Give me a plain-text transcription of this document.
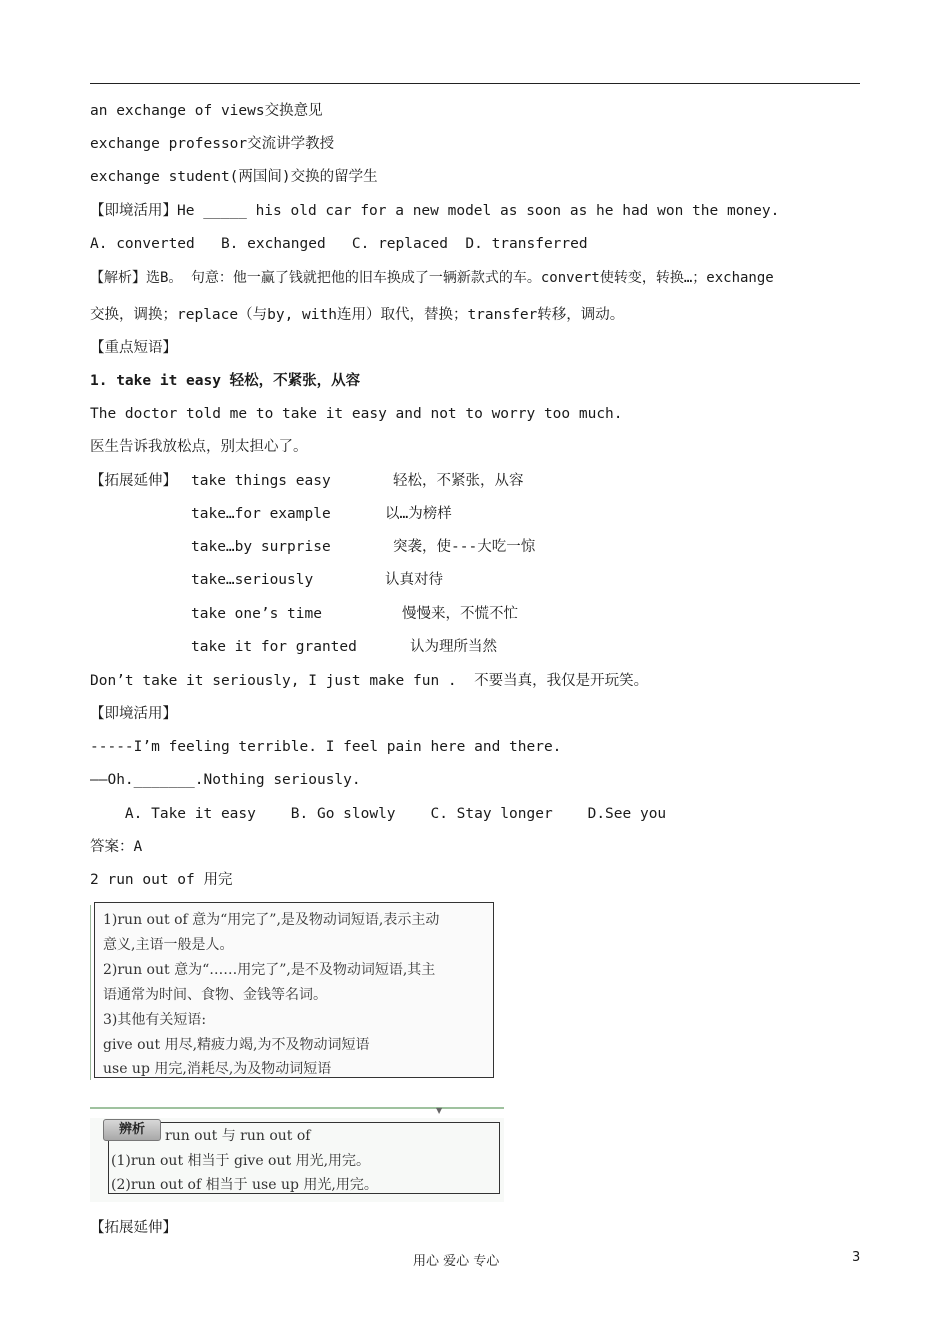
an exchange of views交换意见
exchange professor交流讲学教授
exchange student(两国间)交换的留学生
【即境活用】He _____ his old car for a new model as soon as he had won the money.
A. converted   B. exchanged   C. replaced  D. transferred
【解析】选B。 句意：他一赢了钱就把他的旧车换成了一辆新款式的车。convert使转变，转换…；exchange
交换，调换；replace（与by, with连用）取代，替换；transfer转移，调动。
【重点短语】
1. take it easy 轻松，不紧张，从容
The doctor told me to take it easy and not to worry too much.
医生告诉我放松点，别太担心了。
【拓展延伸】 take things easy	轻松，不紧张，从容
take…for example	以…为榜样
take…by surprise	突袭，使---大吃一惊
take…seriously	认真对待
take one’s time	慢慢来，不慌不忙
take it for granted	认为理所当然
Don’t take it seriously, I just make fun .  不要当真，我仅是开玩笑。
【即境活用】
-----I’m feeling terrible. I feel pain here and there.
——Oh._______.Nothing seriously.
A. Take it easy    B. Go slowly    C. Stay longer    D.See you
答案：A
2 run out of 用完
1)run out of 意为“用完了”,是及物动词短语,表示主动
意义,主语一般是人。
2)run out 意为“……用完了”,是不及物动词短语,其主
语通常为时间、食物、金钱等名词。
3)其他有关短语:
give out 用尽,精疲力竭,为不及物动词短语
use up 用完,消耗尽,为及物动词短语
▼
辨析	run out 与 run out of
(1)run out 相当于 give out 用光,用完。
(2)run out of 相当于 use up 用光,用完。
【拓展延伸】
用心 爱心 专心	3
